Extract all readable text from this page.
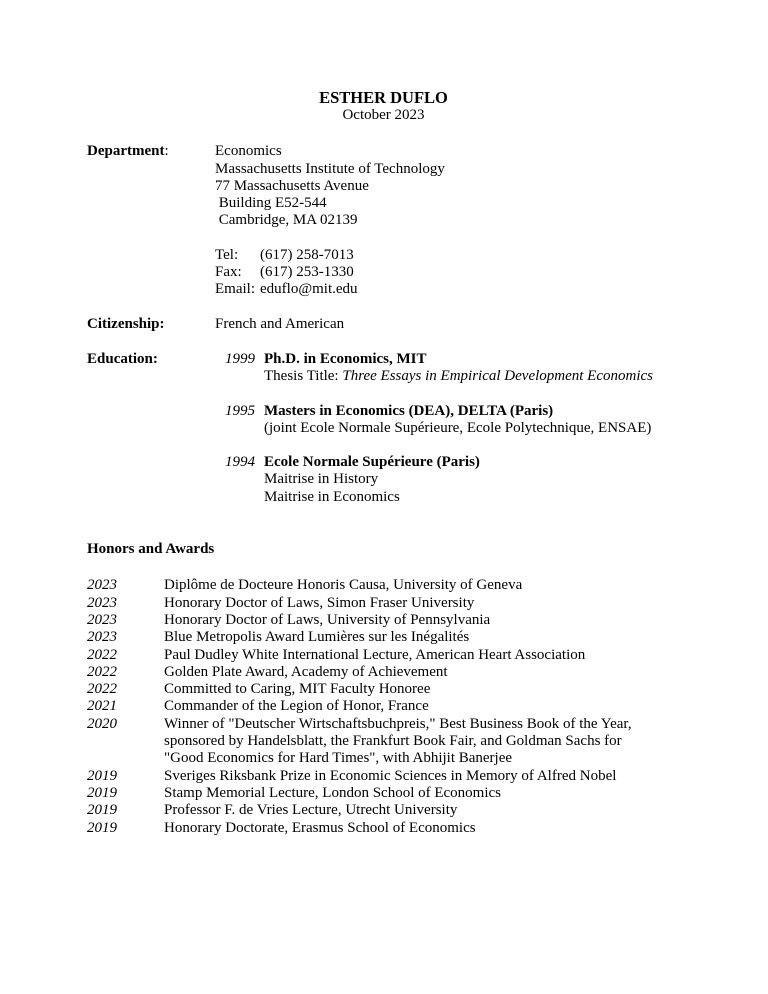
ESTHER DUFLO
October 2023
Department:	Economics
Massachusetts Institute of Technology
77 Massachusetts Avenue
Building E52-544
Cambridge, MA 02139
Tel:	(617) 258-7013
Fax:	(617) 253-1330
Email: eduflo@mit.edu
Citizenship:	French and American
Education:	1999 Ph.D. in Economics, MIT
Thesis Title: Three Essays in Empirical Development Economics
1995 Masters in Economics (DEA), DELTA (Paris)
(joint Ecole Normale Supérieure, Ecole Polytechnique, ENSAE)
1994 Ecole Normale Supérieure (Paris)
Maitrise in History
Maitrise in Economics
Honors and Awards
2023	Diplôme de Docteure Honoris Causa, University of Geneva
2023	Honorary Doctor of Laws, Simon Fraser University
2023	Honorary Doctor of Laws, University of Pennsylvania
2023	Blue Metropolis Award Lumières sur les Inégalités
2022	Paul Dudley White International Lecture, American Heart Association
2022	Golden Plate Award, Academy of Achievement
2022	Committed to Caring, MIT Faculty Honoree
2021	Commander of the Legion of Honor, France
2020	Winner of "Deutscher Wirtschaftsbuchpreis," Best Business Book of the Year,
sponsored by Handelsblatt, the Frankfurt Book Fair, and Goldman Sachs for
"Good Economics for Hard Times", with Abhijit Banerjee
2019	Sveriges Riksbank Prize in Economic Sciences in Memory of Alfred Nobel
2019	Stamp Memorial Lecture, London School of Economics
2019	Professor F. de Vries Lecture, Utrecht University
2019	Honorary Doctorate, Erasmus School of Economics
